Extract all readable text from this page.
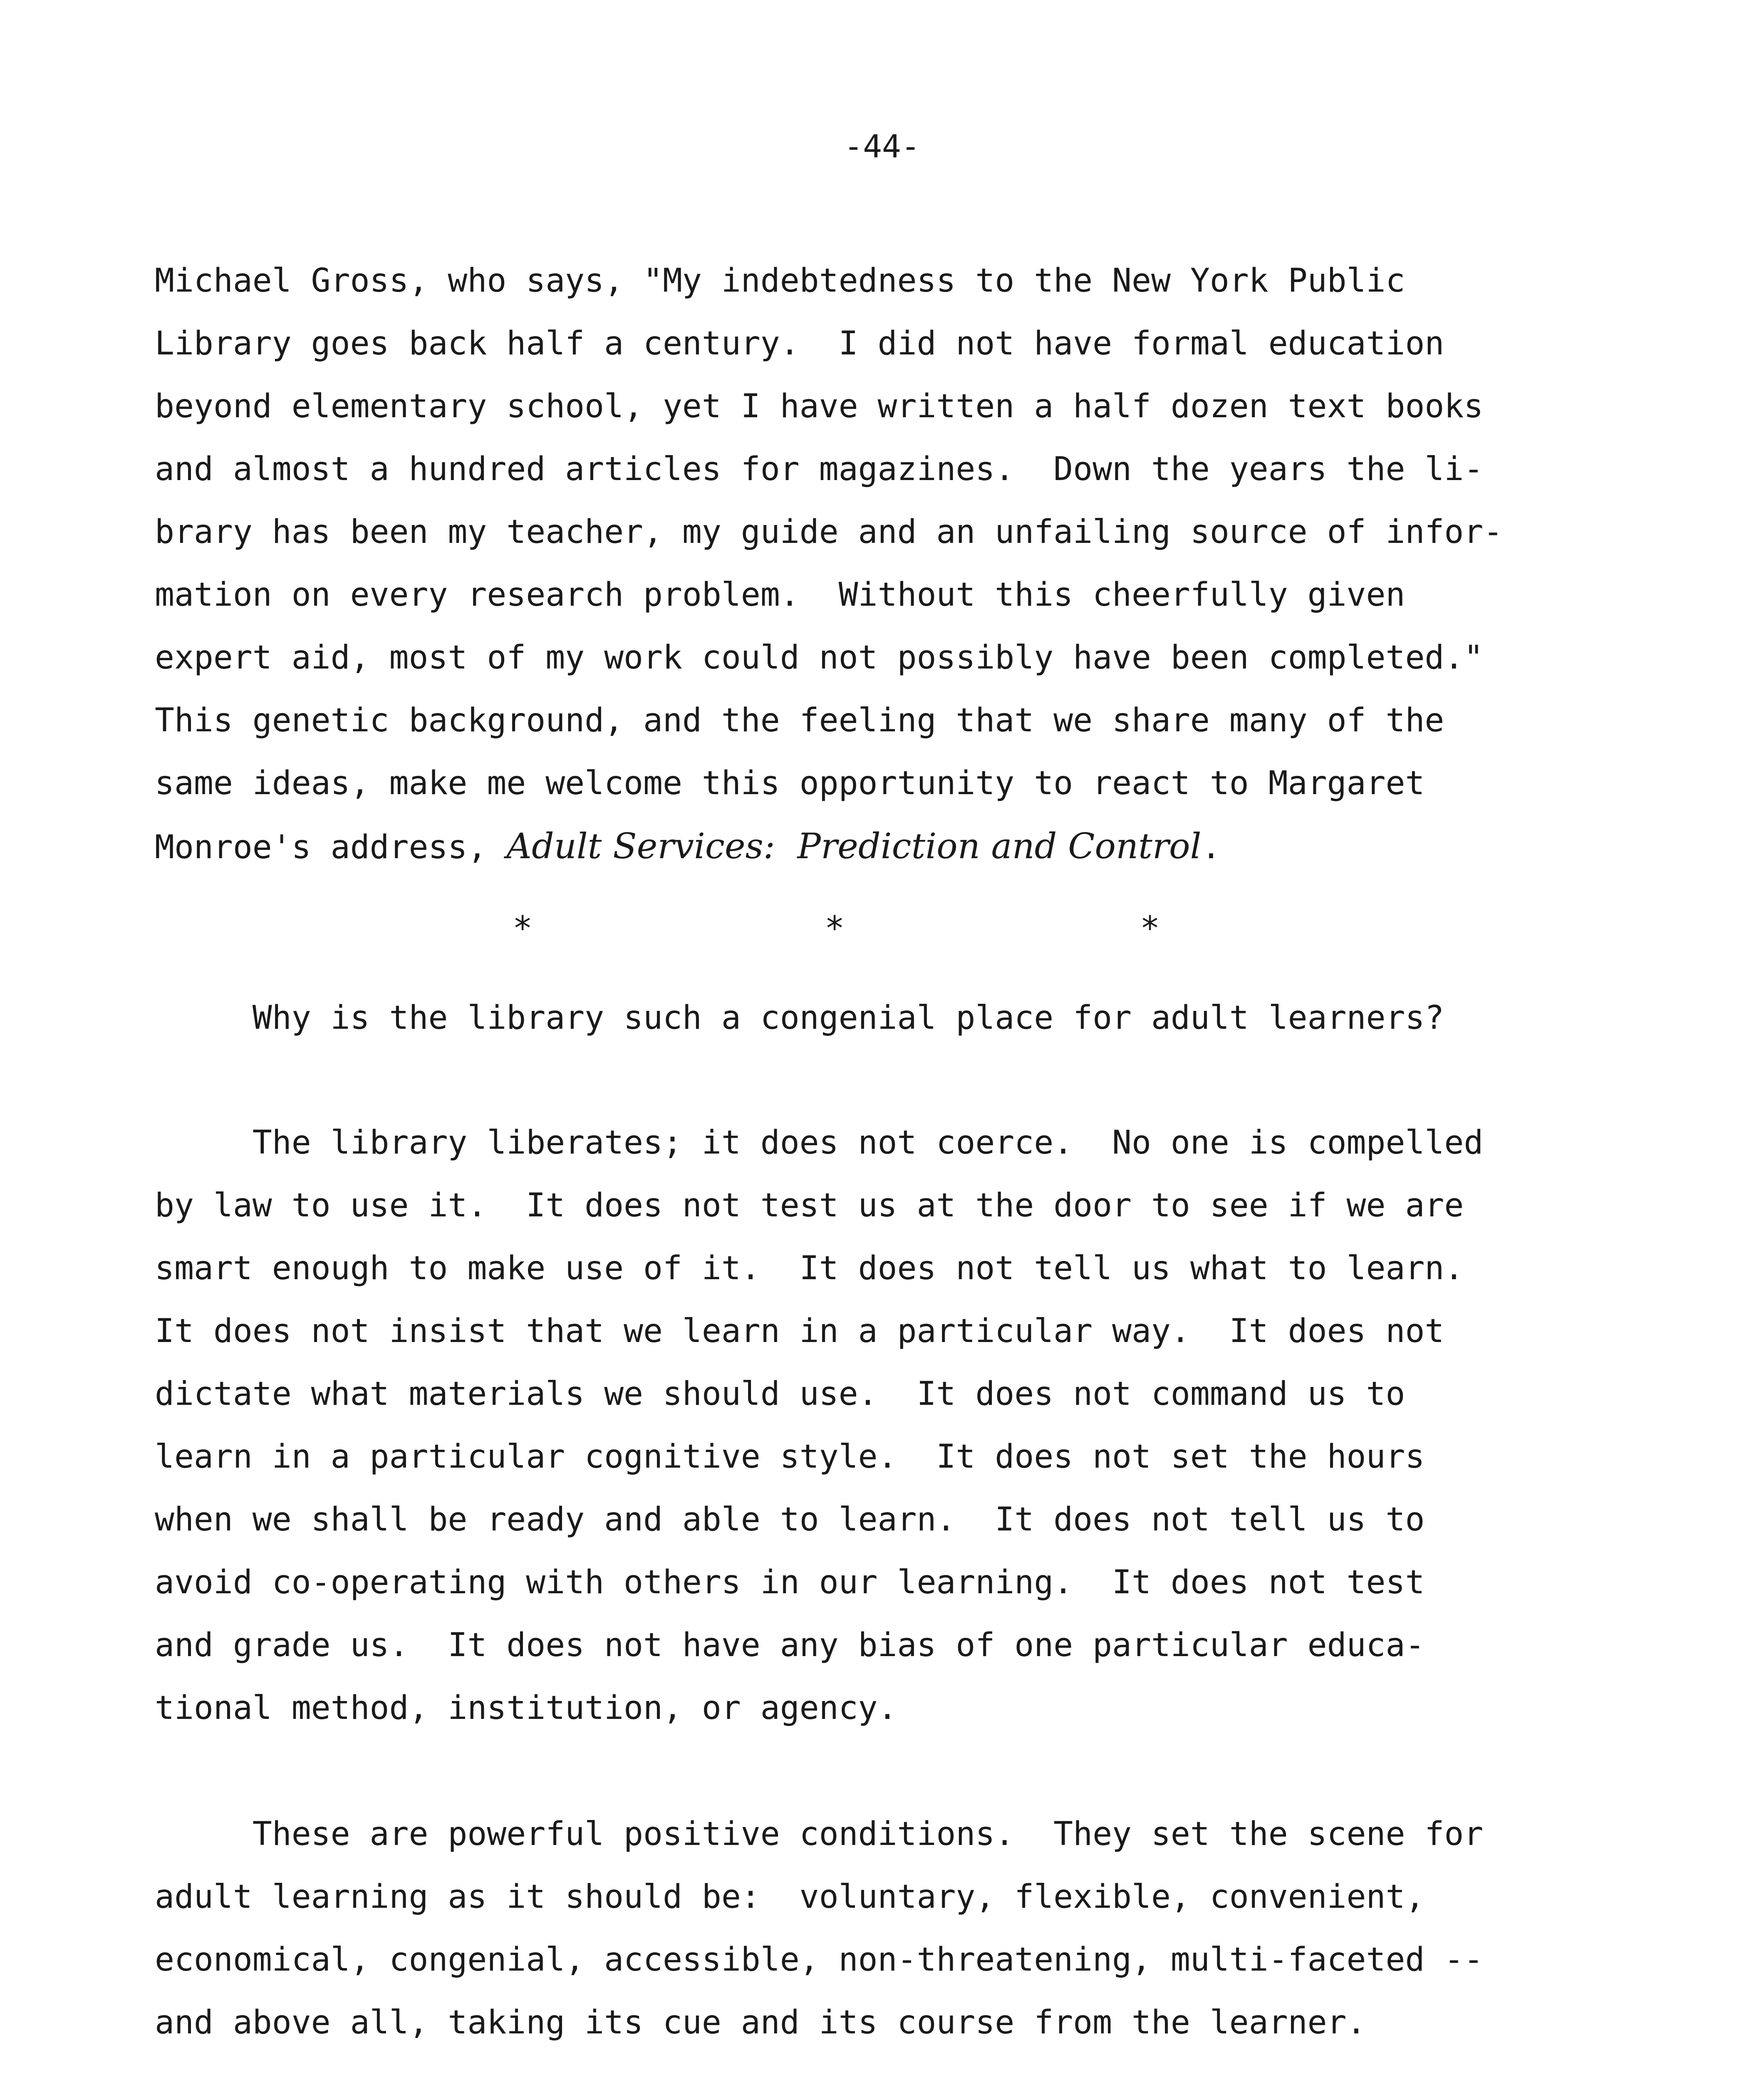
-44-
Michael Gross, who says, "My indebtedness to the New York Public
Library goes back half a century.  I did not have formal education
beyond elementary school, yet I have written a half dozen text books
and almost a hundred articles for magazines.  Down the years the li-
brary has been my teacher, my guide and an unfailing source of infor-
mation on every research problem.  Without this cheerfully given
expert aid, most of my work could not possibly have been completed."
This genetic background, and the feeling that we share many of the
same ideas, make me welcome this opportunity to react to Margaret
Monroe's address, Adult Services:  Prediction and Control.
*	*	*
Why is the library such a congenial place for adult learners?
The library liberates; it does not coerce.  No one is compelled
by law to use it.  It does not test us at the door to see if we are
smart enough to make use of it.  It does not tell us what to learn.
It does not insist that we learn in a particular way.  It does not
dictate what materials we should use.  It does not command us to
learn in a particular cognitive style.  It does not set the hours
when we shall be ready and able to learn.  It does not tell us to
avoid co-operating with others in our learning.  It does not test
and grade us.  It does not have any bias of one particular educa-
tional method, institution, or agency.
These are powerful positive conditions.  They set the scene for
adult learning as it should be:  voluntary, flexible, convenient,
economical, congenial, accessible, non-threatening, multi-faceted --
and above all, taking its cue and its course from the learner.
